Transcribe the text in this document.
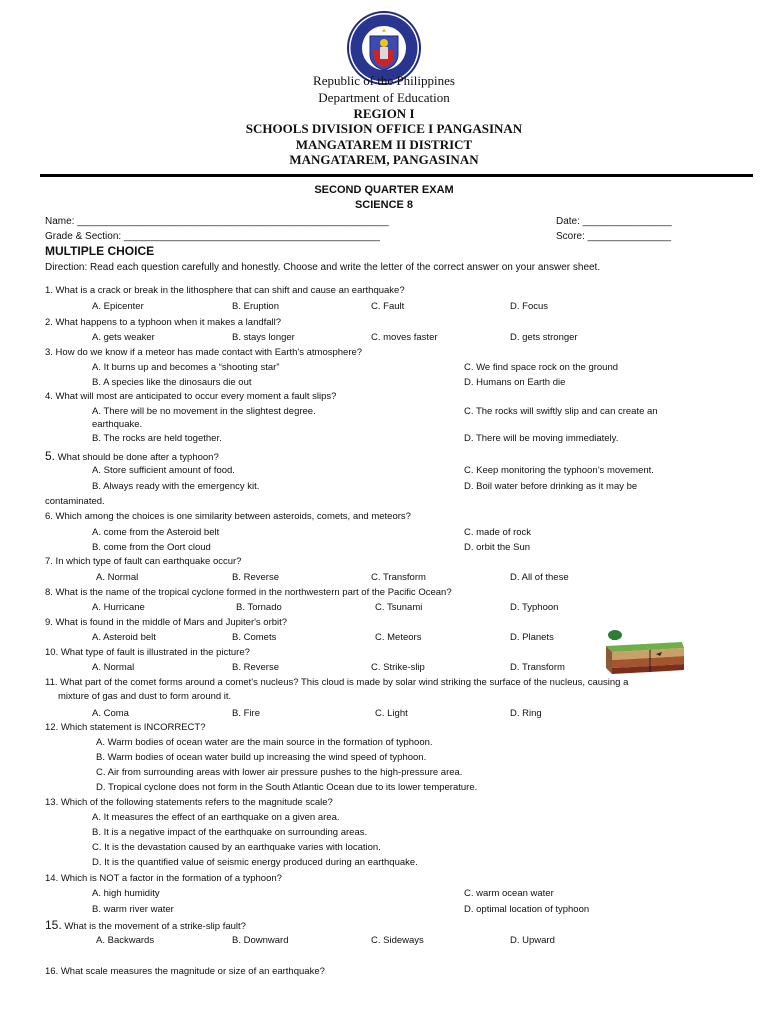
Republic of the Philippines
Department of Education
REGION I
SCHOOLS DIVISION OFFICE I PANGASINAN
MANGATAREM II DISTRICT
MANGATAREM, PANGASINAN
SECOND QUARTER EXAM
SCIENCE 8
Name: ________________________________________________________	Date: ________________
Grade & Section: ______________________________________________	Score: _______________
MULTIPLE CHOICE
Direction: Read each question carefully and honestly. Choose and write the letter of the correct answer on your answer sheet.
1. What is a crack or break in the lithosphere that can shift and cause an earthquake?
A. Epicenter	B. Eruption	C. Fault	D. Focus
2. What happens to a typhoon when it makes a landfall?
A. gets weaker	B. stays longer	C. moves faster	D. gets stronger
3. How do we know if a meteor has made contact with Earth's atmosphere?
A. It burns up and becomes a “shooting star”	C. We find space rock on the ground
B. A species like the dinosaurs die out	D. Humans on Earth die
4. What will most are anticipated to occur every moment a fault slips?
A. There will be no movement in the slightest degree.	C. The rocks will swiftly slip and can create an
earthquake.
B. The rocks are held together.	D. There will be moving immediately.
5. What should be done after a typhoon?
A. Store sufficient amount of food.	C. Keep monitoring the typhoon’s movement.
B. Always ready with the emergency kit.	D. Boil water before drinking as it may be
contaminated.
6. Which among the choices is one similarity between asteroids, comets, and meteors?
A. come from the Asteroid belt	C. made of rock
B. come from the Oort cloud	D. orbit the Sun
7. In which type of fault can earthquake occur?
A. Normal	B. Reverse	C. Transform	D. All of these
8. What is the name of the tropical cyclone formed in the northwestern part of the Pacific Ocean?
A. Hurricane	B. Tornado	C. Tsunami	D. Typhoon
9. What is found in the middle of Mars and Jupiter's orbit?
A. Asteroid belt	B. Comets	C. Meteors	D. Planets
10. What type of fault is illustrated in the picture?
A. Normal	B. Reverse	C. Strike-slip	D. Transform
11. What part of the comet forms around a comet's nucleus? This cloud is made by solar wind striking the surface of the nucleus, causing a
mixture of gas and dust to form around it.
A. Coma	B. Fire	C. Light	D. Ring
12. Which statement is INCORRECT?
A. Warm bodies of ocean water are the main source in the formation of typhoon.
B. Warm bodies of ocean water build up increasing the wind speed of typhoon.
C. Air from surrounding areas with lower air pressure pushes to the high-pressure area.
D. Tropical cyclone does not form in the South Atlantic Ocean due to its lower temperature.
13. Which of the following statements refers to the magnitude scale?
A. It measures the effect of an earthquake on a given area.
B. It is a negative impact of the earthquake on surrounding areas.
C. It is the devastation caused by an earthquake varies with location.
D. It is the quantified value of seismic energy produced during an earthquake.
14. Which is NOT a factor in the formation of a typhoon?
A. high humidity	C. warm ocean water
B. warm river water	D. optimal location of typhoon
15. What is the movement of a strike-slip fault?
A. Backwards	B. Downward	C. Sideways	D. Upward
16. What scale measures the magnitude or size of an earthquake?
